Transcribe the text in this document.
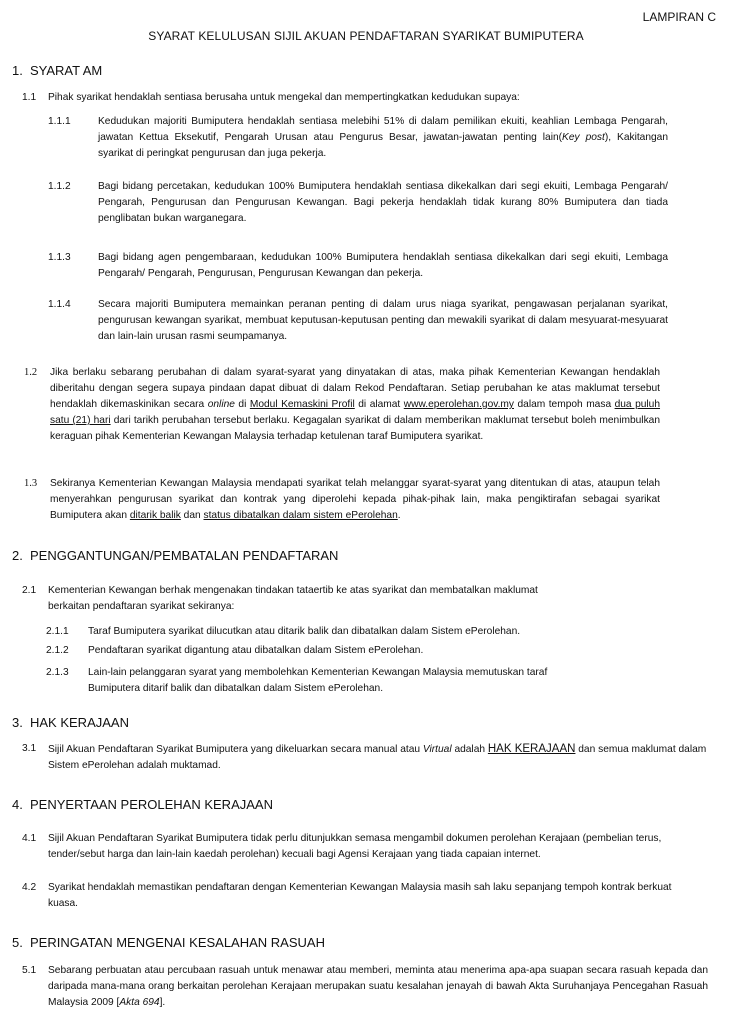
LAMPIRAN C
SYARAT KELULUSAN SIJIL AKUAN PENDAFTARAN SYARIKAT BUMIPUTERA
1. SYARAT AM
1.1 Pihak syarikat hendaklah sentiasa berusaha untuk mengekal dan mempertingkatkan kedudukan supaya:
1.1.1	Kedudukan majoriti Bumiputera hendaklah sentiasa melebihi 51% di dalam pemilikan ekuiti, keahlian Lembaga Pengarah, jawatan Kettua Eksekutif, Pengarah Urusan atau Pengurus Besar, jawatan-jawatan penting lain(Key post), Kakitangan syarikat di peringkat pengurusan dan juga pekerja.
1.1.2	Bagi bidang percetakan, kedudukan 100% Bumiputera hendaklah sentiasa dikekalkan dari segi ekuiti, Lembaga Pengarah/ Pengarah, Pengurusan dan Pengurusan Kewangan. Bagi pekerja hendaklah tidak kurang 80% Bumiputera dan tiada penglibatan bukan warganegara.
1.1.3	Bagi bidang agen pengembaraan, kedudukan 100% Bumiputera hendaklah sentiasa dikekalkan dari segi ekuiti, Lembaga Pengarah/ Pengarah, Pengurusan, Pengurusan Kewangan dan pekerja.
1.1.4	Secara majoriti Bumiputera memainkan peranan penting di dalam urus niaga syarikat, pengawasan perjalanan syarikat, pengurusan kewangan syarikat, membuat keputusan-keputusan penting dan mewakili syarikat di dalam mesyuarat-mesyuarat dan lain-lain urusan rasmi seumpamanya.
1.2 Jika berlaku sebarang perubahan di dalam syarat-syarat yang dinyatakan di atas, maka pihak Kementerian Kewangan hendaklah diberitahu dengan segera supaya pindaan dapat dibuat di dalam Rekod Pendaftaran. Setiap perubahan ke atas maklumat tersebut hendaklah dikemaskinikan secara online di Modul Kemaskini Profil di alamat www.eperolehan.gov.my dalam tempoh masa dua puluh satu (21) hari dari tarikh perubahan tersebut berlaku. Kegagalan syarikat di dalam memberikan maklumat tersebut boleh menimbulkan keraguan pihak Kementerian Kewangan Malaysia terhadap ketulenan taraf Bumiputera syarikat.
1.3 Sekiranya Kementerian Kewangan Malaysia mendapati syarikat telah melanggar syarat-syarat yang ditentukan di atas, ataupun telah menyerahkan pengurusan syarikat dan kontrak yang diperolehi kepada pihak-pihak lain, maka pengiktirafan sebagai syarikat Bumiputera akan ditarik balik dan status dibatalkan dalam sistem ePerolehan.
2. PENGGANTUNGAN/PEMBATALAN PENDAFTARAN
2.1 Kementerian Kewangan berhak mengenakan tindakan tataertib ke atas syarikat dan membatalkan maklumat
berkaitan pendaftaran syarikat sekiranya:
2.1.1 Taraf Bumiputera syarikat dilucutkan atau ditarik balik dan dibatalkan dalam Sistem ePerolehan.
2.1.2 Pendaftaran syarikat digantung atau dibatalkan dalam Sistem ePerolehan.
2.1.3 Lain-lain pelanggaran syarat yang membolehkan Kementerian Kewangan Malaysia memutuskan taraf
Bumiputera ditarif balik dan dibatalkan dalam Sistem ePerolehan.
3. HAK KERAJAAN
3.1 Sijil Akuan Pendaftaran Syarikat Bumiputera yang dikeluarkan secara manual atau Virtual adalah HAK KERAJAAN dan semua maklumat dalam Sistem ePerolehan adalah muktamad.
4. PENYERTAAN PEROLEHAN KERAJAAN
4.1 Sijil Akuan Pendaftaran Syarikat Bumiputera tidak perlu ditunjukkan semasa mengambil dokumen perolehan Kerajaan (pembelian terus, tender/sebut harga dan lain-lain kaedah perolehan) kecuali bagi Agensi Kerajaan yang tiada capaian internet.
4.2 Syarikat hendaklah memastikan pendaftaran dengan Kementerian Kewangan Malaysia masih sah laku sepanjang tempoh kontrak berkuat kuasa.
5. PERINGATAN MENGENAI KESALAHAN RASUAH
5.1 Sebarang perbuatan atau percubaan rasuah untuk menawar atau memberi, meminta atau menerima apa-apa suapan secara rasuah kepada dan daripada mana-mana orang berkaitan perolehan Kerajaan merupakan suatu kesalahan jenayah di bawah Akta Suruhanjaya Pencegahan Rasuah Malaysia 2009 [Akta 694].
